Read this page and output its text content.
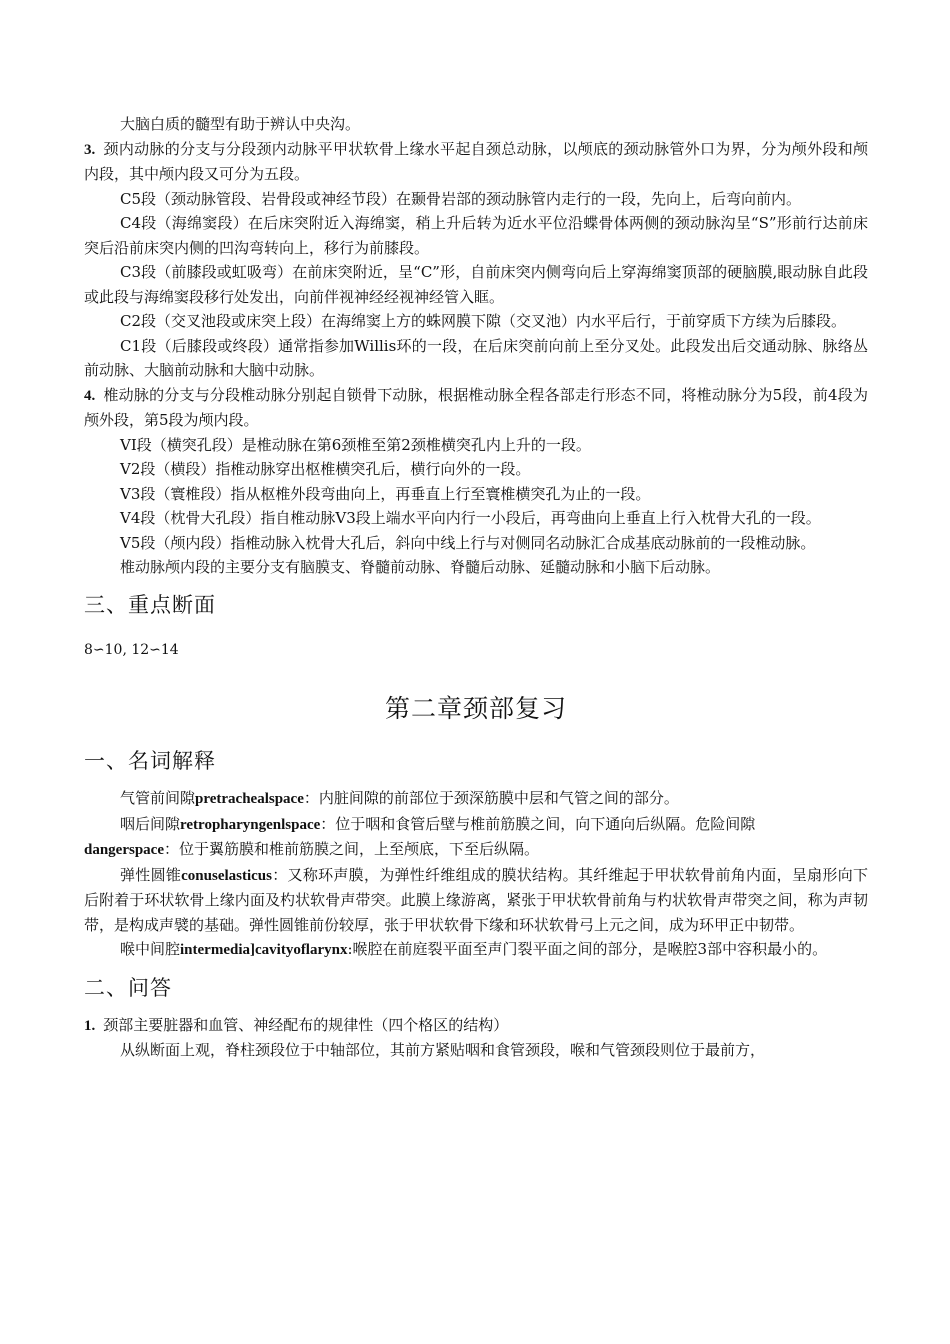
大脑白质的髓型有助于辨认中央沟。

3. 颈内动脉的分支与分段颈内动脉平甲状软骨上缘水平起自颈总动脉，以颅底的颈动脉管外口为界，分为颅外段和颅内段，其中颅内段又可分为五段。

C5段（颈动脉管段、岩骨段或神经节段）在颞骨岩部的颈动脉管内走行的一段，先向上，后弯向前内。

C4段（海绵窦段）在后床突附近入海绵窦，稍上升后转为近水平位沿蝶骨体两侧的颈动脉沟呈“S”形前行达前床突后沿前床突内侧的凹沟弯转向上，移行为前膝段。

C3段（前膝段或虹吸弯）在前床突附近，呈“C”形，自前床突内侧弯向后上穿海绵窦顶部的硬脑膜,眼动脉自此段或此段与海绵窦段移行处发出，向前伴视神经经视神经管入眶。

C2段（交叉池段或床突上段）在海绵窦上方的蛛网膜下隙（交叉池）内水平后行，于前穿质下方续为后膝段。

C1段（后膝段或终段）通常指参加Willis环的一段，在后床突前向前上至分叉处。此段发出后交通动脉、脉络丛前动脉、大脑前动脉和大脑中动脉。

4. 椎动脉的分支与分段椎动脉分别起自锁骨下动脉，根据椎动脉全程各部走行形态不同，将椎动脉分为5段，前4段为颅外段，第5段为颅内段。

VI段（横突孔段）是椎动脉在第6颈椎至第2颈椎横突孔内上升的一段。

V2段（横段）指椎动脉穿出枢椎横突孔后，横行向外的一段。

V3段（寰椎段）指从枢椎外段弯曲向上，再垂直上行至寰椎横突孔为止的一段。

V4段（枕骨大孔段）指自椎动脉V3段上端水平向内行一小段后，再弯曲向上垂直上行入枕骨大孔的一段。

V5段（颅内段）指椎动脉入枕骨大孔后，斜向中线上行与对侧同名动脉汇合成基底动脉前的一段椎动脉。

椎动脉颅内段的主要分支有脑膜支、脊髓前动脉、脊髓后动脉、延髓动脉和小脑下后动脉。

三、重点断面

8∽10, 12∽14

第二章颈部复习
一、名词解释

气管前间隙pretrachealspace：内脏间隙的前部位于颈深筋膜中层和气管之间的部分。

咽后间隙retropharyngenlspace：位于咽和食管后壁与椎前筋膜之间，向下通向后纵隔。危险间隙
dangerspace：位于翼筋膜和椎前筋膜之间，上至颅底，下至后纵隔。

弹性圆锥conuselasticus：又称环声膜，为弹性纤维组成的膜状结构。其纤维起于甲状软骨前角内面，呈扇形向下后附着于环状软骨上缘内面及杓状软骨声带突。此膜上缘游离，紧张于甲状软骨前角与杓状软骨声带突之间，称为声韧带，是构成声襞的基础。弹性圆锥前份较厚，张于甲状软骨下缘和环状软骨弓上元之间，成为环甲正中韧带。

喉中间腔intermedia]cavityoflarynx:喉腔在前庭裂平面至声门裂平面之间的部分，是喉腔3部中容积最小的。

二、问答

1. 颈部主要脏器和血管、神经配布的规律性（四个格区的结构）

从纵断面上观，脊柱颈段位于中轴部位，其前方紧贴咽和食管颈段，喉和气管颈段则位于最前方，
